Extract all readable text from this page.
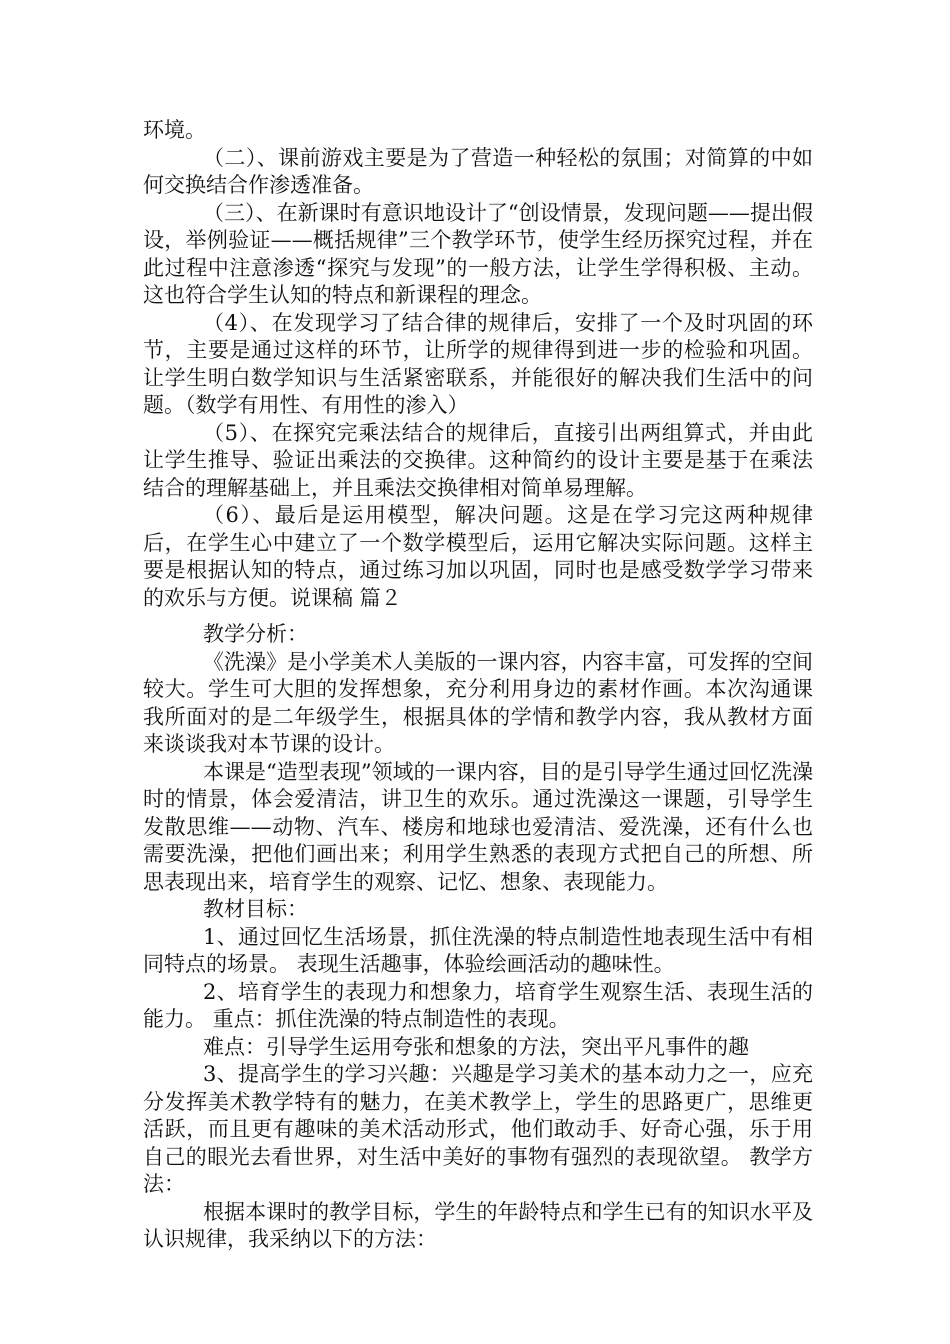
环境。

（二）、课前游戏主要是为了营造一种轻松的氛围；对简算的中如何交换结合作渗透准备。

（三）、在新课时有意识地设计了“创设情景，发现问题——提出假设，举例验证——概括规律”三个教学环节，使学生经历探究过程，并在此过程中注意渗透“探究与发现”的一般方法，让学生学得积极、主动。这也符合学生认知的特点和新课程的理念。

（4）、在发现学习了结合律的规律后，安排了一个及时巩固的环节，主要是通过这样的环节，让所学的规律得到进一步的检验和巩固。让学生明白数学知识与生活紧密联系，并能很好的解决我们生活中的问题。（数学有用性、有用性的渗入）

（5）、在探究完乘法结合的规律后，直接引出两组算式，并由此让学生推导、验证出乘法的交换律。这种简约的设计主要是基于在乘法结合的理解基础上，并且乘法交换律相对简单易理解。

（6）、最后是运用模型，解决问题。这是在学习完这两种规律后，在学生心中建立了一个数学模型后，运用它解决实际问题。这样主要是根据认知的特点，通过练习加以巩固，同时也是感受数学学习带来的欢乐与方便。说课稿 篇２

教学分析：

《洗澡》是小学美术人美版的一课内容，内容丰富，可发挥的空间较大。学生可大胆的发挥想象，充分利用身边的素材作画。本次沟通课我所面对的是二年级学生，根据具体的学情和教学内容，我从教材方面来谈谈我对本节课的设计。

本课是“造型表现”领域的一课内容，目的是引导学生通过回忆洗澡时的情景，体会爱清洁，讲卫生的欢乐。通过洗澡这一课题，引导学生发散思维——动物、汽车、楼房和地球也爱清洁、爱洗澡，还有什么也需要洗澡，把他们画出来；利用学生熟悉的表现方式把自己的所想、所思表现出来，培育学生的观察、记忆、想象、表现能力。

教材目标：

1、通过回忆生活场景，抓住洗澡的特点制造性地表现生活中有相同特点的场景。 表现生活趣事，体验绘画活动的趣味性。

2、培育学生的表现力和想象力，培育学生观察生活、表现生活的能力。 重点：抓住洗澡的特点制造性的表现。

难点：引导学生运用夸张和想象的方法，突出平凡事件的趣

3、提高学生的学习兴趣：兴趣是学习美术的基本动力之一，应充分发挥美术教学特有的魅力，在美术教学上，学生的思路更广，思维更活跃，而且更有趣味的美术活动形式，他们敢动手、好奇心强，乐于用自己的眼光去看世界，对生活中美好的事物有强烈的表现欲望。 教学方法：

根据本课时的教学目标，学生的年龄特点和学生已有的知识水平及认识规律，我采纳以下的方法：
